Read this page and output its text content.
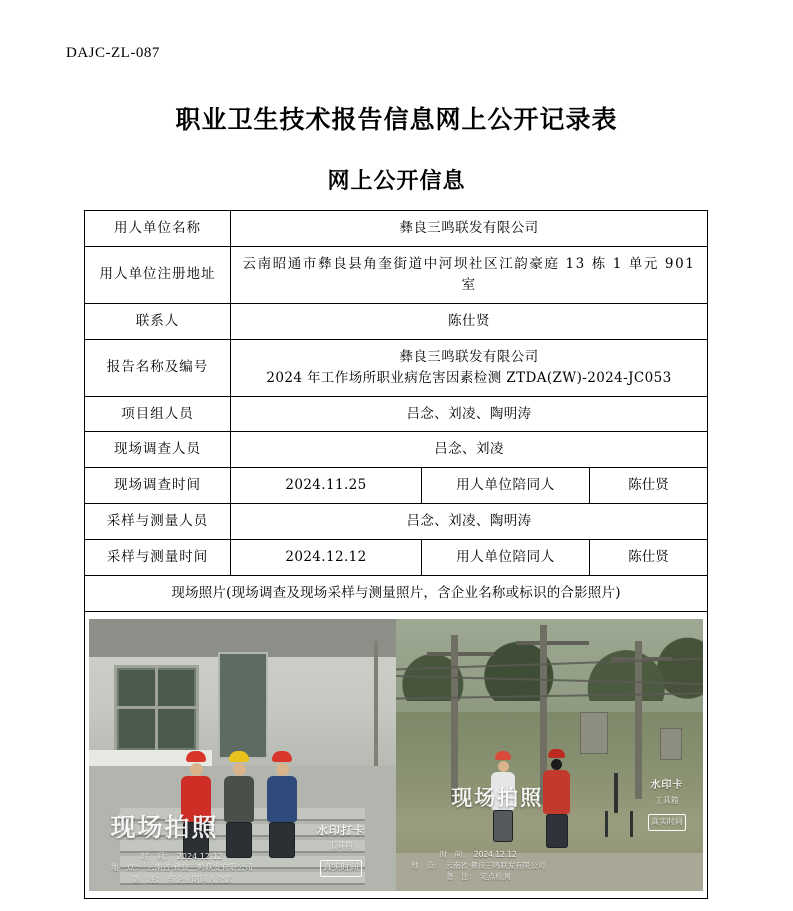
DAJC-ZL-087
职业卫生技术报告信息网上公开记录表
网上公开信息
用人单位名称	彝良三鸣联发有限公司		
用人单位注册地址	云南昭通市彝良县角奎街道中河坝社区江韵豪庭 13 栋 1 单元 901 室		
联系人	陈仕贤		
报告名称及编号	彝良三鸣联发有限公司
2024 年工作场所职业病危害因素检测 ZTDA(ZW)-2024-JC053		

项目组人员	吕念、刘凌、陶明涛		
现场调查人员	吕念、刘凌		
现场调查时间	2024.11.25	用人单位陪同人	陈仕贤
采样与测量人员	吕念、刘凌、陶明涛		
采样与测量时间	2024.12.12	用人单位陪同人	陈仕贤
现场照片(现场调查及现场采样与测量照片，含企业名称或标识的合影照片)			

现场拍照
时　间： 2024.12.12
地　点： 云南省·彝良三鸣联发有限公司
备　注： 与企业陪同人合影
水印打卡
工具箱
真实时间
现场拍照
时　间： 2024.12.12
地　点： 云南省·彝良三鸣联发有限公司
备　注： 定点检测
水印卡
工具箱
真实时间
